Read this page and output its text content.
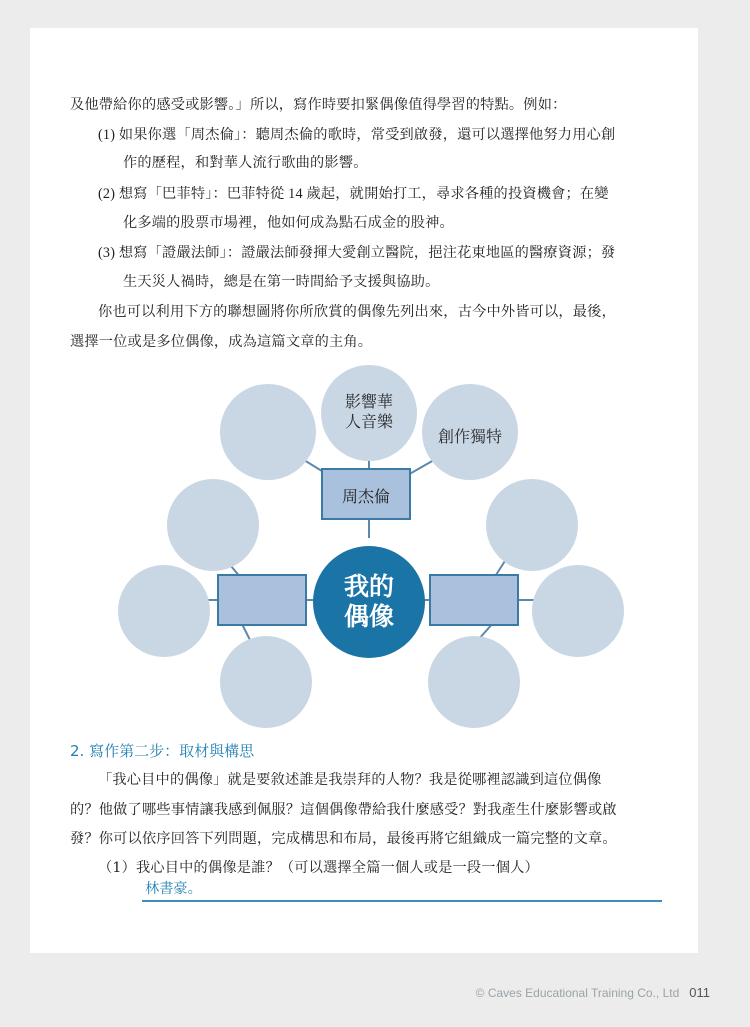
及他帶給你的感受或影響。」所以，寫作時要扣緊偶像值得學習的特點。例如：
(1) 如果你選「周杰倫」：聽周杰倫的歌時，常受到啟發，還可以選擇他努力用心創
作的歷程，和對華人流行歌曲的影響。
(2) 想寫「巴菲特」：巴菲特從 14 歲起，就開始打工，尋求各種的投資機會；在變
化多端的股票市場裡，他如何成為點石成金的股神。
(3) 想寫「證嚴法師」：證嚴法師發揮大愛創立醫院，挹注花東地區的醫療資源；發
生天災人禍時，總是在第一時間給予支援與協助。
你也可以利用下方的聯想圖將你所欣賞的偶像先列出來，古今中外皆可以，最後，
選擇一位或是多位偶像，成為這篇文章的主角。
影響華
人音樂
創作獨特
周杰倫
我的
偶像
2. 寫作第二步：取材與構思
「我心目中的偶像」就是要敘述誰是我崇拜的人物？我是從哪裡認識到這位偶像
的？他做了哪些事情讓我感到佩服？這個偶像帶給我什麼感受？對我產生什麼影響或啟
發？你可以依序回答下列問題，完成構思和布局，最後再將它組織成一篇完整的文章。
（1）我心目中的偶像是誰？（可以選擇全篇一個人或是一段一個人）
林書豪。
© Caves Educational Training Co., Ltd 011
